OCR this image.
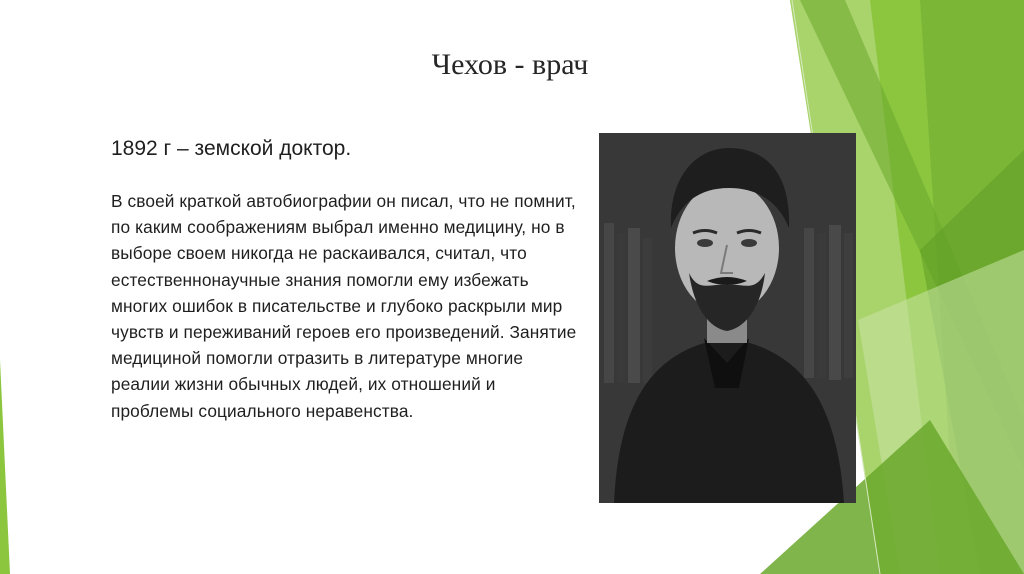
Чехов - врач

1892 г – земской доктор.

В своей краткой автобиографии он писал, что не помнит, по каким соображениям выбрал именно медицину, но в выборе своем никогда не раскаивался, считал, что естественнонаучные знания помогли ему избежать многих ошибок в писательстве и глубоко раскрыли мир чувств и переживаний героев его произведений. Занятие медициной помогли отразить в литературе многие реалии жизни обычных людей, их отношений и проблемы социального неравенства.
